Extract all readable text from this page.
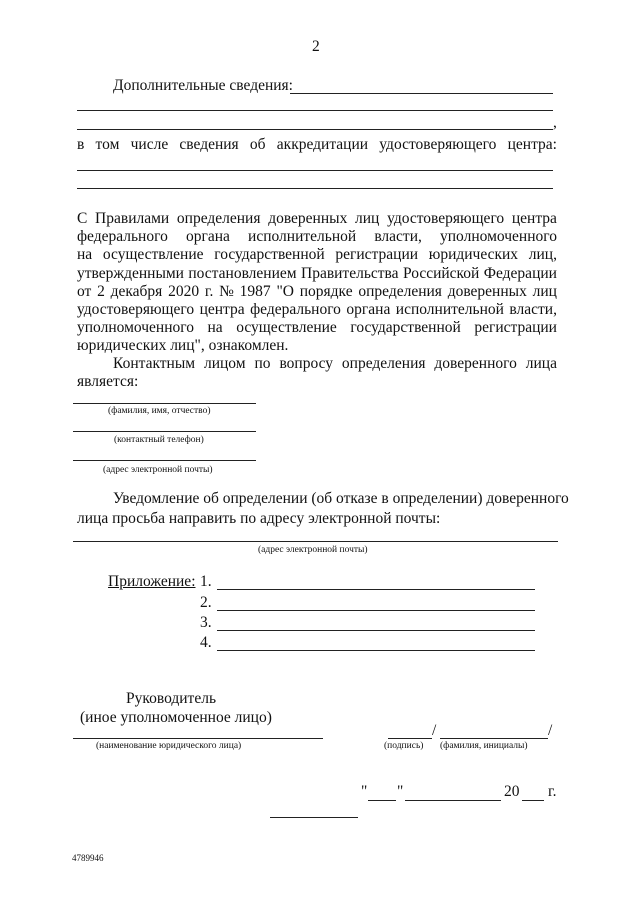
2
Дополнительные сведения:
,
в том числе сведения об аккредитации удостоверяющего центра:
С Правилами определения доверенных лиц удостоверяющего центра
федерального органа исполнительной власти, уполномоченного
на осуществление государственной регистрации юридических лиц,
утвержденными постановлением Правительства Российской Федерации
от 2 декабря 2020 г. № 1987 "О порядке определения доверенных лиц
удостоверяющего центра федерального органа исполнительной власти,
уполномоченного на осуществление государственной регистрации
юридических лиц", ознакомлен.
Контактным лицом по вопросу определения доверенного лица
является:
(фамилия, имя, отчество)
(контактный телефон)
(адрес электронной почты)
Уведомление об определении (об отказе в определении) доверенного
лица просьба направить по адресу электронной почты:
(адрес электронной почты)
Приложение: 1.
2.
3.
4.
Руководитель
(иное уполномоченное лицо)
(наименование юридического лица)
/	/
(подпись) (фамилия, инициалы)
" "	20 г.
4789946
